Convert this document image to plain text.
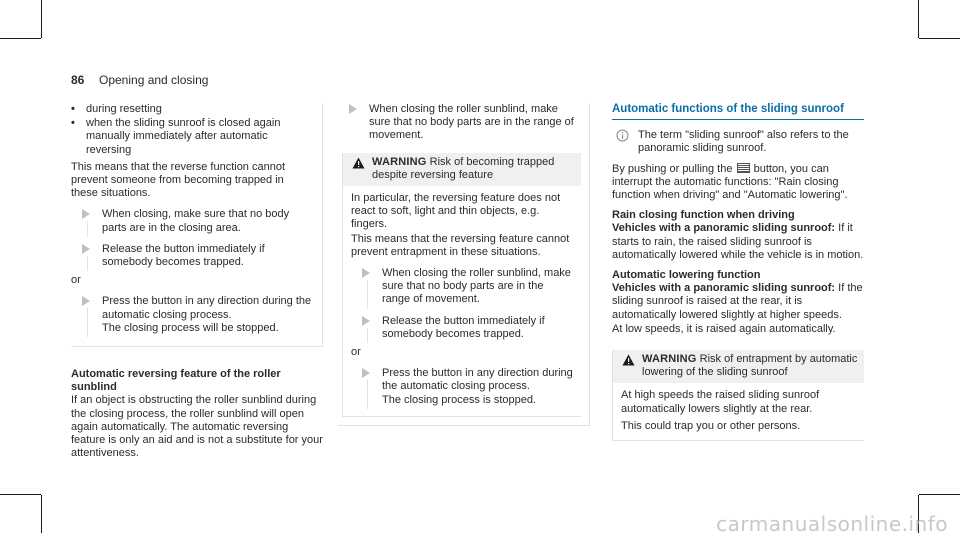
86 Opening and closing
• during resetting
• when the sliding sunroof is closed again manually immediately after automatic reversing

This means that the reverse function cannot prevent someone from becoming trapped in these situations.

When closing, make sure that no body parts are in the closing area.
Release the button immediately if somebody becomes trapped.

or

Press the button in any direction during the automatic closing process.
The closing process will be stopped.
Automatic reversing feature of the roller sunblind

If an object is obstructing the roller sunblind during the closing process, the roller sunblind will open again automatically. The automatic reversing feature is only an aid and is not a substitute for your attentiveness.

When closing the roller sunblind, make sure that no body parts are in the range of movement.
WARNING Risk of becoming trapped despite reversing feature

In particular, the reversing feature does not react to soft, light and thin objects, e.g. fingers.

This means that the reversing feature cannot prevent entrapment in these situations.

When closing the roller sunblind, make sure that no body parts are in the range of movement.
Release the button immediately if somebody becomes trapped.

or

Press the button in any direction during the automatic closing process.
The closing process is stopped.
Automatic functions of the sliding sunroof
The term "sliding sunroof" also refers to the panoramic sliding sunroof.

By pushing or pulling the button, you can interrupt the automatic functions: "Rain closing function when driving" and "Automatic lowering".

Rain closing function when driving

Vehicles with a panoramic sliding sunroof: If it starts to rain, the raised sliding sunroof is automatically lowered while the vehicle is in motion.

Automatic lowering function

Vehicles with a panoramic sliding sunroof: If the sliding sunroof is raised at the rear, it is automatically lowered slightly at higher speeds.

At low speeds, it is raised again automatically.

WARNING Risk of entrapment by automatic lowering of the sliding sunroof

At high speeds the raised sliding sunroof automatically lowers slightly at the rear.

This could trap you or other persons.

carmanualsonline.info
